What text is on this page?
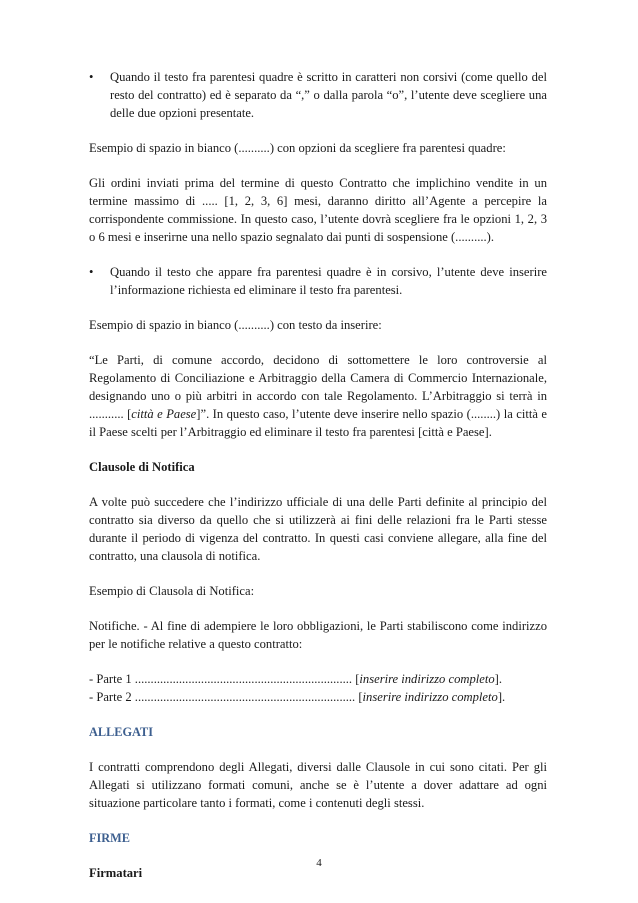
• Quando il testo fra parentesi quadre è scritto in caratteri non corsivi (come quello del resto del contratto) ed è separato da “,” o dalla parola “o”, l’utente deve scegliere una delle due opzioni presentate.

Esempio di spazio in bianco (..........) con opzioni da scegliere fra parentesi quadre:

Gli ordini inviati prima del termine di questo Contratto che implichino vendite in un termine massimo di ..... [1, 2, 3, 6] mesi, daranno diritto all’Agente a percepire la corrispondente commissione. In questo caso, l’utente dovrà scegliere fra le opzioni 1, 2, 3 o 6 mesi e inserirne una nello spazio segnalato dai punti di sospensione (..........).

• Quando il testo che appare fra parentesi quadre è in corsivo, l’utente deve inserire l’informazione richiesta ed eliminare il testo fra parentesi.

Esempio di spazio in bianco (..........) con testo da inserire:

“Le Parti, di comune accordo, decidono di sottomettere le loro controversie al Regolamento di Conciliazione e Arbitraggio della Camera di Commercio Internazionale, designando uno o più arbitri in accordo con tale Regolamento. L’Arbitraggio si terrà in ........... [città e Paese]”. In questo caso, l’utente deve inserire nello spazio (........) la città e il Paese scelti per l’Arbitraggio ed eliminare il testo fra parentesi [città e Paese].

Clausole di Notifica

A volte può succedere che l’indirizzo ufficiale di una delle Parti definite al principio del contratto sia diverso da quello che si utilizzerà ai fini delle relazioni fra le Parti stesse durante il periodo di vigenza del contratto. In questi casi conviene allegare, alla fine del contratto, una clausola di notifica.

Esempio di Clausola di Notifica:

Notifiche. - Al fine di adempiere le loro obbligazioni, le Parti stabiliscono come indirizzo per le notifiche relative a questo contratto:

- Parte 1 ..................................................................... [inserire indirizzo completo].
- Parte 2 ...................................................................... [inserire indirizzo completo].
ALLEGATI

I contratti comprendono degli Allegati, diversi dalle Clausole in cui sono citati. Per gli Allegati si utilizzano formati comuni, anche se è l’utente a dover adattare ad ogni situazione particolare tanto i formati, come i contenuti degli stessi.

FIRME
Firmatari
4
